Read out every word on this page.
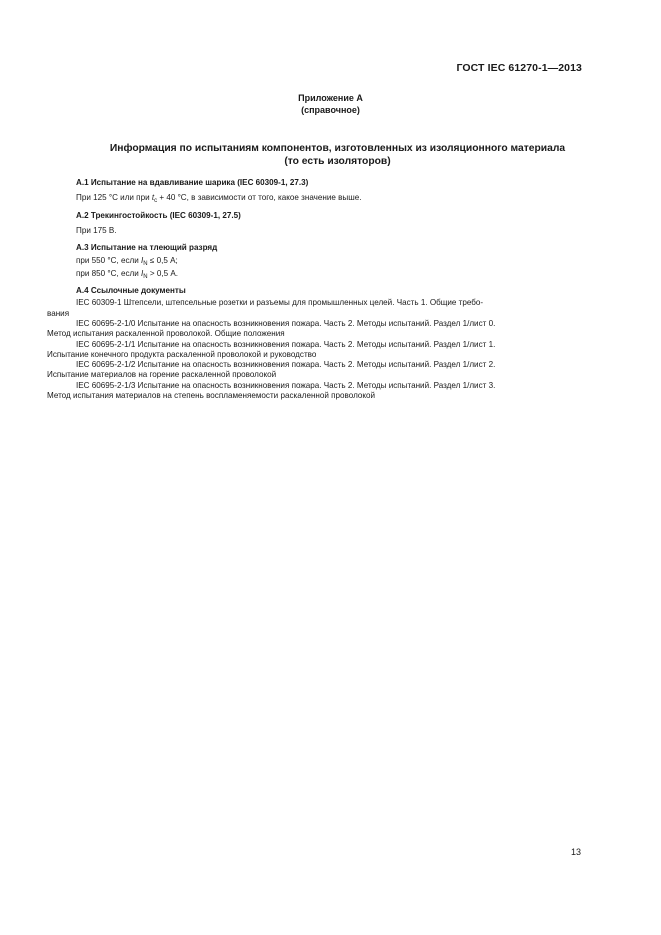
ГОСТ IEC 61270-1—2013
Приложение А
(справочное)
Информация по испытаниям компонентов, изготовленных из изоляционного материала
(то есть изоляторов)
А.1 Испытание на вдавливание шарика (IEC 60309-1, 27.3)
При 125 °С или при $t_c + 40$ °С, в зависимости от того, какое значение выше.
А.2 Трекингостойкость (IEC 60309-1, 27.5)
При 175 В.
А.3 Испытание на тлеющий разряд
при 550 °С, если $I_N \le 0,5$ А;
при 850 °С, если $I_N > 0,5$ А.
А.4 Ссылочные документы
IEC 60309-1 Штепсели, штепсельные розетки и разъемы для промышленных целей. Часть 1. Общие требо-
вания
IEC 60695-2-1/0 Испытание на опасность возникновения пожара. Часть 2. Методы испытаний. Раздел 1/лист 0.
Метод испытания раскаленной проволокой. Общие положения
IEC 60695-2-1/1 Испытание на опасность возникновения пожара. Часть 2. Методы испытаний. Раздел 1/лист 1.
Испытание конечного продукта раскаленной проволокой и руководство
IEC 60695-2-1/2 Испытание на опасность возникновения пожара. Часть 2. Методы испытаний. Раздел 1/лист 2.
Испытание материалов на горение раскаленной проволокой
IEC 60695-2-1/3 Испытание на опасность возникновения пожара. Часть 2. Методы испытаний. Раздел 1/лист 3.
Метод испытания материалов на степень воспламеняемости раскаленной проволокой
13
